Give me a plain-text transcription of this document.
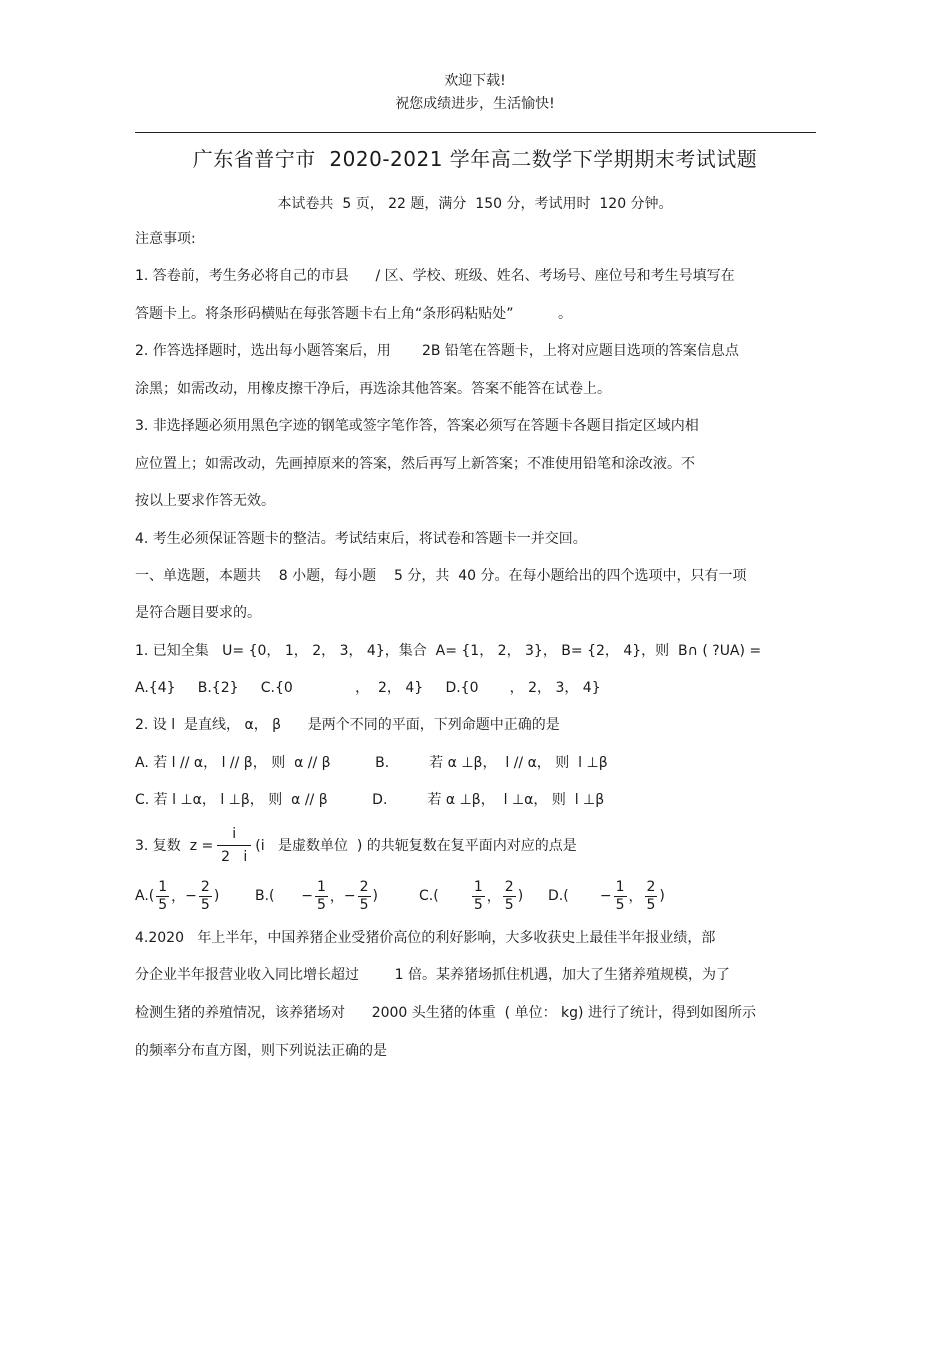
欢迎下载!
祝您成绩进步，生活愉快!
广东省普宁市  2020-2021 学年高二数学下学期期末考试试题
本试卷共  5 页， 22 题，满分  150 分，考试用时  120 分钟。
注意事项:
1. 答卷前，考生务必将自己的市县      / 区、学校、班级、姓名、考场号、座位号和考生号填写在
答题卡上。将条形码横贴在每张答题卡右上角“条形码粘贴处”          。
2. 作答选择题时，选出每小题答案后，用       2B 铅笔在答题卡，上将对应题目选项的答案信息点
涂黑；如需改动，用橡皮擦干净后，再选涂其他答案。答案不能答在试卷上。
3. 非选择题必须用黑色字迹的钢笔或签字笔作答，答案必须写在答题卡各题目指定区域内相
应位置上；如需改动，先画掉原来的答案，然后再写上新答案；不准使用铅笔和涂改液。不
按以上要求作答无效。
4. 考生必须保证答题卡的整洁。考试结束后，将试卷和答题卡一并交回。
一、单选题，本题共    8 小题，每小题    5 分，共  40 分。在每小题给出的四个选项中，只有一项
是符合题目要求的。
1. 已知全集   U= {0， 1， 2， 3， 4}，集合  A= {1， 2， 3}， B= {2， 4}，则  B∩ ( ?UA) =
A.{4}     B.{2}     C.{0              ，  2， 4}     D.{0       ， 2， 3， 4}
2. 设 l  是直线， α， β      是两个不同的平面，下列命题中正确的是
A. 若 l // α， l // β， 则  α // β          B.         若 α ⊥β，  l // α， 则  l ⊥β
C. 若 l ⊥α， l ⊥β， 则  α // β          D.         若 α ⊥β，  l ⊥α， 则  l ⊥β
3. 复数  $z = \frac{i}{2 i} (i$   是虚数单位  ) 的共轭复数在复平面内对应的点是
$A.( \frac{1}{5}$ ， − $\frac{2}{5}$ )	$B.( - \frac{1}{5}$ ， − $\frac{2}{5}$ )	$C.( \frac{1}{5}$ ， $\frac{2}{5}$ ) $D.( - \frac{1}{5}$ ， $\frac{2}{5}$ )
4.2020   年上半年，中国养猪企业受猪价高位的利好影响，大多收获史上最佳半年报业绩，部
分企业半年报营业收入同比增长超过        1 倍。某养猪场抓住机遇，加大了生猪养殖规模，为了
检测生猪的养殖情况，该养猪场对      2000 头生猪的体重  ( 单位： kg) 进行了统计，得到如图所示
的频率分布直方图，则下列说法正确的是
